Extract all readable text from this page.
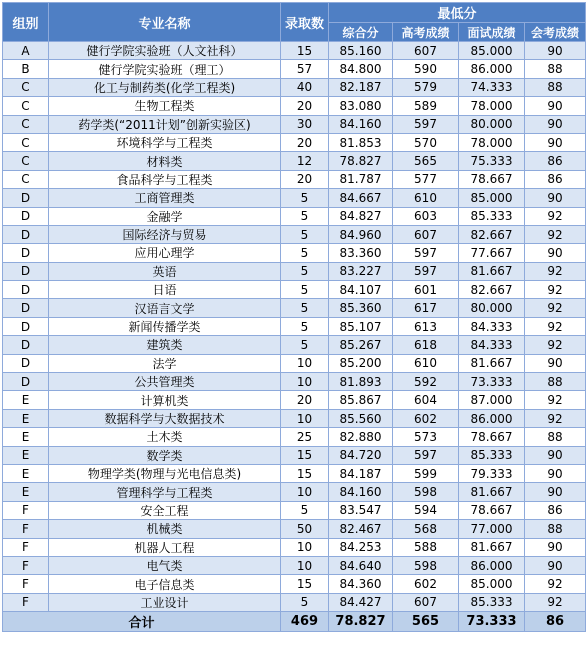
组别	专业名称	录取数	最低分			
			综合分	高考成绩	面试成绩	会考成绩
A	健行学院实验班（人文社科）	15	85.160	607	85.000	90
B	健行学院实验班（理工）	57	84.800	590	86.000	88
C	化工与制药类(化学工程类)	40	82.187	579	74.333	88
C	生物工程类	20	83.080	589	78.000	90
C	药学类(“2011计划”创新实验区)	30	84.160	597	80.000	90
C	环境科学与工程类	20	81.853	570	78.000	90
C	材料类	12	78.827	565	75.333	86
C	食品科学与工程类	20	81.787	577	78.667	86
D	工商管理类	5	84.667	610	85.000	90
D	金融学	5	84.827	603	85.333	92
D	国际经济与贸易	5	84.960	607	82.667	92
D	应用心理学	5	83.360	597	77.667	90
D	英语	5	83.227	597	81.667	92
D	日语	5	84.107	601	82.667	92
D	汉语言文学	5	85.360	617	80.000	92
D	新闻传播学类	5	85.107	613	84.333	92
D	建筑类	5	85.267	618	84.333	92
D	法学	10	85.200	610	81.667	90
D	公共管理类	10	81.893	592	73.333	88
E	计算机类	20	85.867	604	87.000	92
E	数据科学与大数据技术	10	85.560	602	86.000	92
E	土木类	25	82.880	573	78.667	88
E	数学类	15	84.720	597	85.333	90
E	物理学类(物理与光电信息类)	15	84.187	599	79.333	90
E	管理科学与工程类	10	84.160	598	81.667	90
F	安全工程	5	83.547	594	78.667	86
F	机械类	50	82.467	568	77.000	88
F	机器人工程	10	84.253	588	81.667	90
F	电气类	10	84.640	598	86.000	90
F	电子信息类	15	84.360	602	85.000	92
F	工业设计	5	84.427	607	85.333	92
合计		469	78.827	565	73.333	86
